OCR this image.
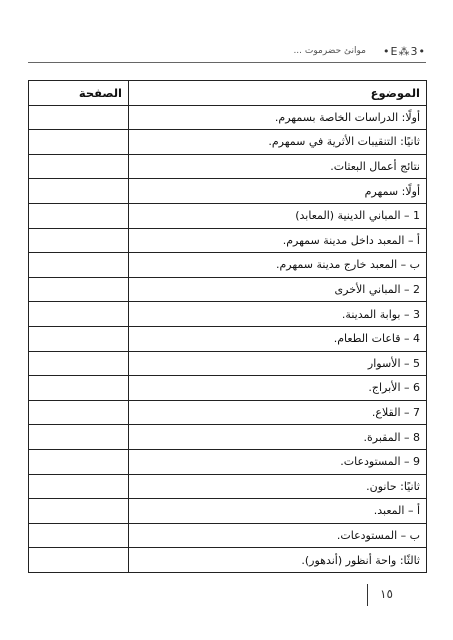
موانئ حضرموت ... •3⁂E•
الموضوع	الصفحة
أولًا: الدراسات الخاصة بسمهرم.	
ثانيًا: التنقيبات الأثرية في سمهرم.	
نتائج أعمال البعثات.	
أولًا: سمهرم	
1 – المباني الدينية (المعابد)	
أ – المعبد داخل مدينة سمهرم.	
ب – المعبد خارج مدينة سمهرم.	
2 – المباني الأخرى	
3 – بوابة المدينة.	
4 – قاعات الطعام.	
5 – الأسوار	
6 – الأبراج.	
7 – القلاع.	
8 – المقبرة.	
9 – المستودعات.	
ثانيًا: حانون.	
أ – المعبد.	
ب – المستودعات.	
ثالثًا: واحة أنظور (أندهور).	
١٥
